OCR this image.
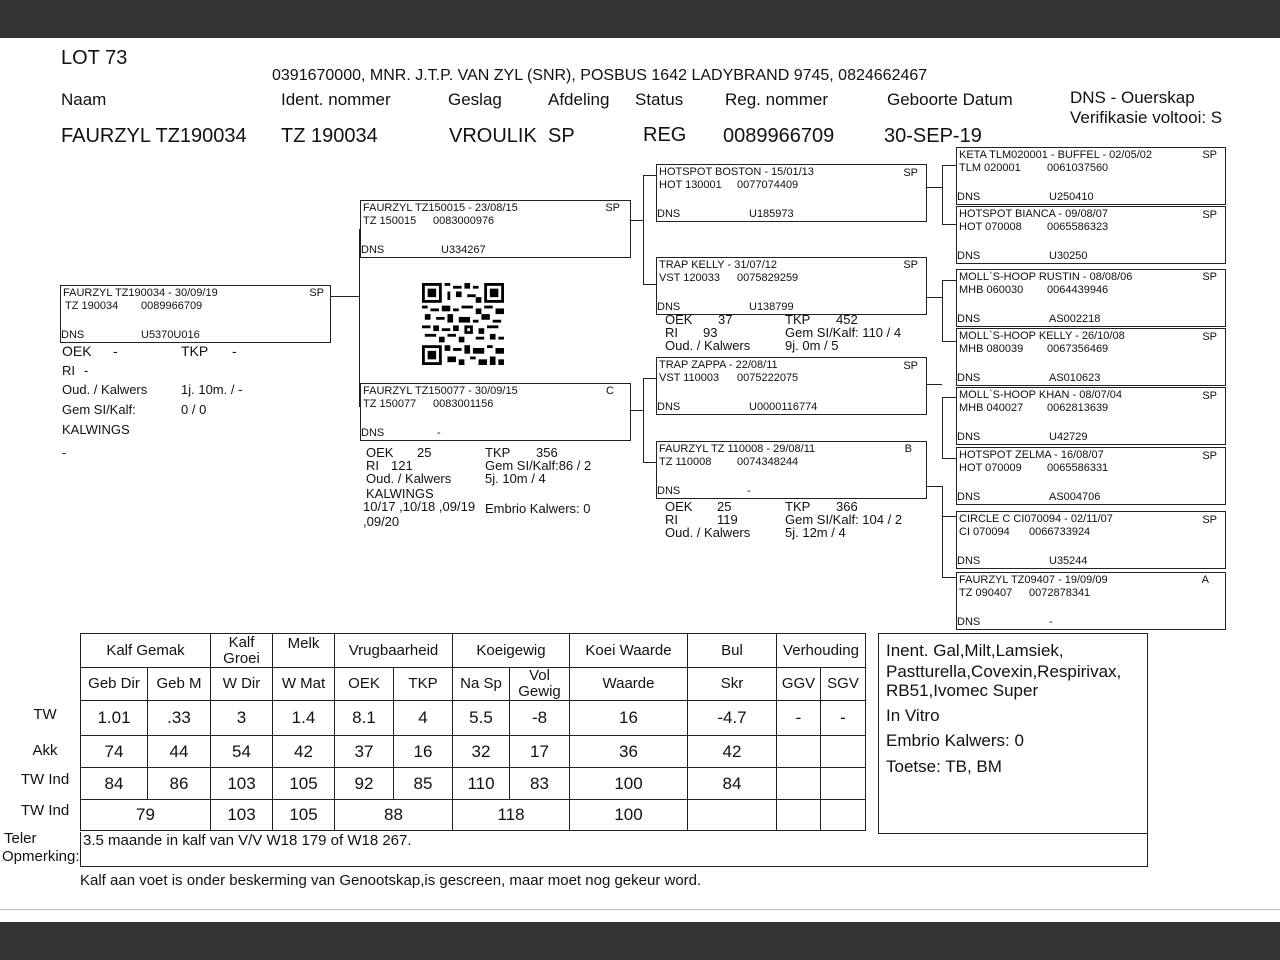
LOT 73
0391670000, MNR. J.T.P. VAN ZYL (SNR), POSBUS 1642 LADYBRAND 9745, 0824662467
Naam	Ident. nommer	Geslag	Afdeling Status Reg. nommer	Geboorte Datum	DNS - Ouerskap
Verifikasie voltooi: S
FAURZYL TZ190034 TZ 190034	VROULIK SP	REG 0089966709 30-SEP-19
FAURZYL TZ190034 - 30/09/19	SP
TZ 190034 0089966709
DNS	U5370U016
OEK -	TKP -
RI -
Oud. / Kalwers	1j. 10m. / -
Gem SI/Kalf:	0 / 0
KALWINGS
-
FAURZYL TZ150015 - 23/08/15	SP
TZ 150015 0083000976
DNS	U334267
FAURZYL TZ150077 - 30/09/15	C
TZ 150077 0083001156
DNS	-
OEK 25	TKP 356
RI 121	Gem SI/Kalf:86 / 2
Oud. / Kalwers	5j. 10m / 4
KALWINGS
10/17 ,10/18 ,09/19
,09/20
Embrio Kalwers: 0
HOTSPOT BOSTON - 15/01/13	SP
HOT 130001 0077074409
DNS	U185973
TRAP KELLY - 31/07/12	SP
VST 120033 0075829259
DNS	U138799
OEK 37	TKP 452
RI 93	Gem SI/Kalf: 110 / 4
Oud. / Kalwers	9j. 0m / 5
TRAP ZAPPA - 22/08/11	SP
VST 110003 0075222075
DNS	U0000116774
FAURZYL TZ 110008 - 29/08/11	B
TZ 110008 0074348244
DNS	-
OEK 25	TKP 366
RI	119	Gem SI/Kalf: 104 / 2
Oud. / Kalwers	5j. 12m / 4
KETA TLM020001 - BUFFEL - 02/05/02	SP
TLM 020001 0061037560
DNS	U250410
HOTSPOT BIANCA - 09/08/07	SP
HOT 070008 0065586323
DNS	U30250
MOLL`S-HOOP RUSTIN - 08/08/06	SP
MHB 060030 0064439946
DNS	AS002218
MOLL`S-HOOP KELLY - 26/10/08	SP
MHB 080039 0067356469
DNS	AS010623
MOLL`S-HOOP KHAN - 08/07/04	SP
MHB 040027 0062813639
DNS	U42729
HOTSPOT ZELMA - 16/08/07	SP
HOT 070009 0065586331
DNS	AS004706
CIRCLE C CI070094 - 02/11/07	SP
CI 070094 0066733924
DNS	U35244
FAURZYL TZ09407 - 19/09/09	A
TZ 090407 0072878341
DNS	-
TW
Akk
TW Ind
TW Ind
Kalf Gemak		Kalf Groei	Melk	Vrugbaarheid		Koeigewig		Koei Waarde	Bul	Verhouding	
Geb Dir	Geb M	W Dir	W Mat	OEK	TKP	Na Sp	Vol Gewig	Waarde	Skr	GGV	SGV
1.01	.33	3	1.4	8.1	4	5.5	-8	16	-4.7	-	-
74	44	54	42	37	16	32	17	36	42		
84	86	103	105	92	85	110	83	100	84		
79		103	105	88		118		100			
Inent. Gal,Milt,Lamsiek,
Pastturella,Covexin,Respirivax,
RB51,Ivomec Super
In Vitro
Embrio Kalwers: 0
Toetse: TB, BM
Teler
Opmerking:
3.5 maande in kalf van V/V W18 179 of W18 267.
Kalf aan voet is onder beskerming van Genootskap,is gescreen, maar moet nog gekeur word.
